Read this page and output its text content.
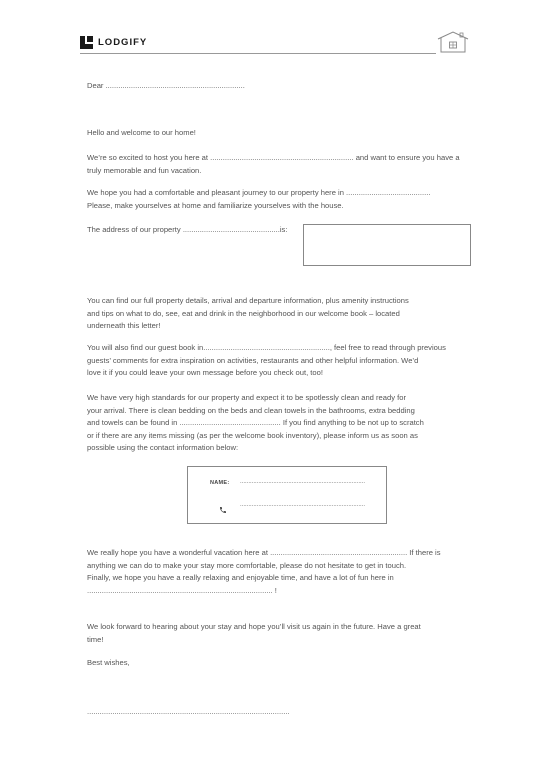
LODGIFY
Dear ..................................................................
Hello and welcome to our home!
We’re so excited to host you here at .................................................................... and want to ensure you have a
truly memorable and fun vacation.
We hope you had a comfortable and pleasant journey to our property here in ........................................
Please, make yourselves at home and familiarize yourselves with the house.
The address of our property ..............................................is:
You can find our full property details, arrival and departure information, plus amenity instructions
and tips on what to do, see, eat and drink in the neighborhood in our welcome book – located
underneath this letter!
You will also find our guest book in............................................................, feel free to read through previous
guests’ comments for extra inspiration on activities, restaurants and other helpful information. We’d
love it if you could leave your own message before you check out, too!
We have very high standards for our property and expect it to be spotlessly clean and ready for
your arrival. There is clean bedding on the beds and clean towels in the bathrooms, extra bedding
and towels can be found in ................................................ If you find anything to be not up to scratch
or if there are any items missing (as per the welcome book inventory), please inform us as soon as
possible using the contact information below:
NAME: ...........................................................................
...........................................................................
We really hope you have a wonderful vacation here at ................................................................. If there is
anything we can do to make your stay more comfortable, please do not hesitate to get in touch.
Finally, we hope you have a really relaxing and enjoyable time, and have a lot of fun here in
........................................................................................ !
We look forward to hearing about your stay and hope you’ll visit us again in the future. Have a great
time!
Best wishes,
................................................................................................
